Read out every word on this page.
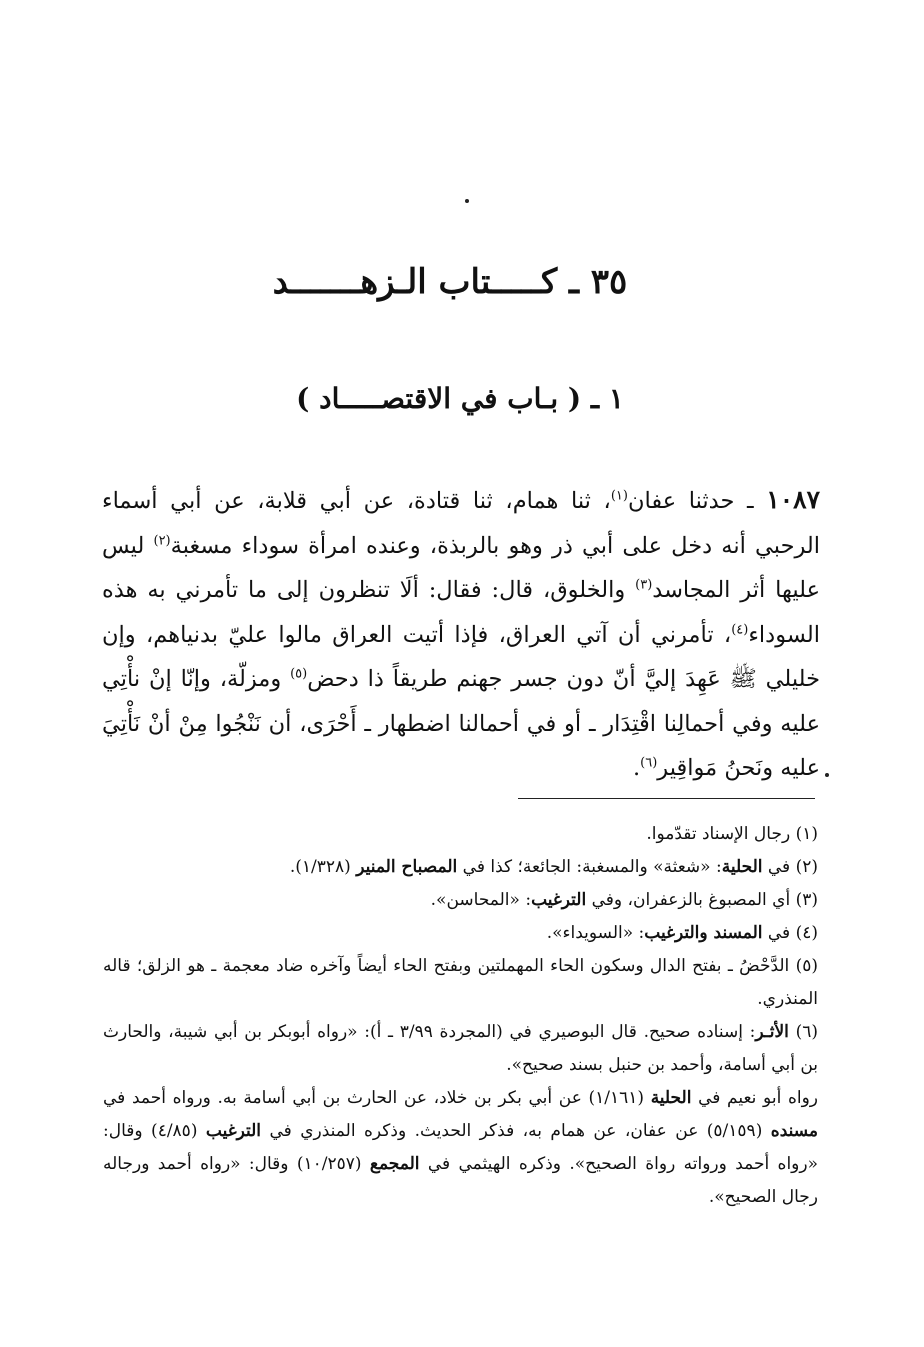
٣٥ ـ كـــــتاب الـزهـــــــد
١ ـ ( بـاب في الاقتصـــــاد )
١٠٨٧ ـ حدثنا عفان$^{(١)}$، ثنا همام، ثنا قتادة، عن أبي قلابة، عن أبي أسماء الرحبي أنه دخل على أبي ذر وهو بالربذة، وعنده امرأة سوداء مسغبة$^{(٢)}$ ليس عليها أثر المجاسد$^{(٣)}$ والخلوق، قال: فقال: ألَا تنظرون إلى ما تأمرني به هذه السوداء$^{(٤)}$، تأمرني أن آتي العراق، فإذا أتيت العراق مالوا عليّ بدنياهم، وإن خليلي ﷺ عَهِدَ إليَّ أنّ دون جسر جهنم طريقاً ذا دحض$^{(٥)}$ ومزلّة، وإنّا إنْ نأْتِي عليه وفي أحمالِنا اقْتِدَار ـ أو في أحمالنا اضطهار ـ أَحْرَى، أن نَنْجُوا مِنْ أنْ نَأْتِيَ عليه ونَحنُ مَواقِير$^{(٦)}$.

(١) رجال الإسناد تقدّموا.

(٢) في الحلية: «شعثة» والمسغبة: الجائعة؛ كذا في المصباح المنير (١/٣٢٨).

(٣) أي المصبوغ بالزعفران، وفي الترغيب: «المحاسن».

(٤) في المسند والترغيب: «السويداء».

(٥) الدَّحْضُ ـ بفتح الدال وسكون الحاء المهملتين وبفتح الحاء أيضاً وآخره ضاد معجمة ـ هو الزلق؛ قاله المنذري.

(٦) الأثـر: إسناده صحيح. قال البوصيري في (المجردة ٣/٩٩ ـ أ): «رواه أبوبكر بن أبي شيبة، والحارث بن أبي أسامة، وأحمد بن حنبل بسند صحيح».

رواه أبو نعيم في الحلية (١/١٦١) عن أبي بكر بن خلاد، عن الحارث بن أبي أسامة به. ورواه أحمد في مسنده (٥/١٥٩) عن عفان، عن همام به، فذكر الحديث. وذكره المنذري في الترغيب (٤/٨٥) وقال: «رواه أحمد ورواته رواة الصحيح». وذكره الهيثمي في المجمع (١٠/٢٥٧) وقال: «رواه أحمد ورجاله رجال الصحيح».
